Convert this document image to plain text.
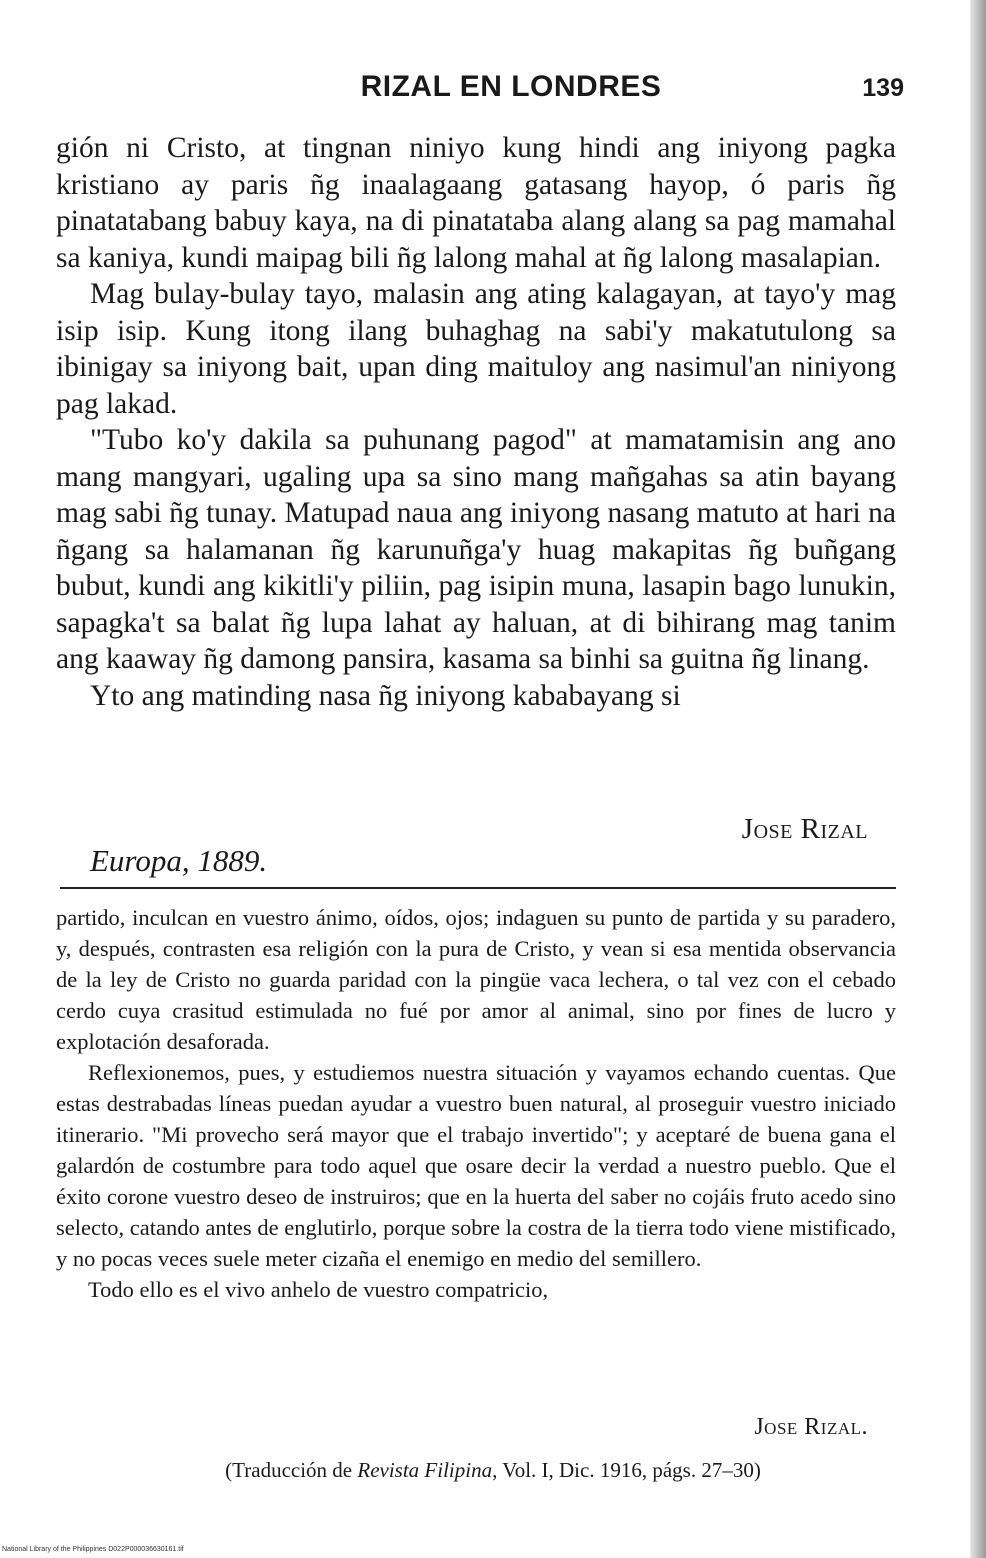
RIZAL EN LONDRES	139

gión ni Cristo, at tingnan niniyo kung hindi ang iniyong pagka kristiano ay paris ñg inaalagaang gatasang hayop, ó paris ñg pinatatabang babuy kaya, na di pinatataba alang alang sa pag mamahal sa kaniya, kundi maipag bili ñg lalong mahal at ñg lalong masalapian.

Mag bulay-bulay tayo, malasin ang ating kalagayan, at tayo'y mag isip isip. Kung itong ilang buhaghag na sabi'y makatutulong sa ibinigay sa iniyong bait, upan ding maituloy ang nasimul'an niniyong pag lakad.

"Tubo ko'y dakila sa puhunang pagod" at mamatamisin ang ano mang mangyari, ugaling upa sa sino mang mañgahas sa atin bayang mag sabi ñg tunay. Matupad naua ang iniyong nasang matuto at hari na ñgang sa halamanan ñg karunuñga'y huag makapitas ñg buñgang bubut, kundi ang kikitli'y piliin, pag isipin muna, lasapin bago lunukin, sapagka't sa balat ñg lupa lahat ay haluan, at di bihirang mag tanim ang kaaway ñg damong pansira, kasama sa binhi sa guitna ñg linang.

Yto ang matinding nasa ñg iniyong kababayang si

Jose Rizal
Europa, 1889.

partido, inculcan en vuestro ánimo, oídos, ojos; indaguen su punto de partida y su paradero, y, después, contrasten esa religión con la pura de Cristo, y vean si esa mentida observancia de la ley de Cristo no guarda paridad con la pingüe vaca lechera, o tal vez con el cebado cerdo cuya crasitud estimulada no fué por amor al animal, sino por fines de lucro y explotación desaforada.

Reflexionemos, pues, y estudiemos nuestra situación y vayamos echando cuentas. Que estas destrabadas líneas puedan ayudar a vuestro buen natural, al proseguir vuestro iniciado itinerario. "Mi provecho será mayor que el trabajo invertido"; y aceptaré de buena gana el galardón de costumbre para todo aquel que osare decir la verdad a nuestro pueblo. Que el éxito corone vuestro deseo de instruiros; que en la huerta del saber no cojáis fruto acedo sino selecto, catando antes de englutirlo, porque sobre la costra de la tierra todo viene mistificado, y no pocas veces suele meter cizaña el enemigo en medio del semillero.

Todo ello es el vivo anhelo de vuestro compatricio,

Jose Rizal.
(Traducción de Revista Filipina, Vol. I, Dic. 1916, págs. 27–30)
National Library of the Philippines D022P000036630161.tif
